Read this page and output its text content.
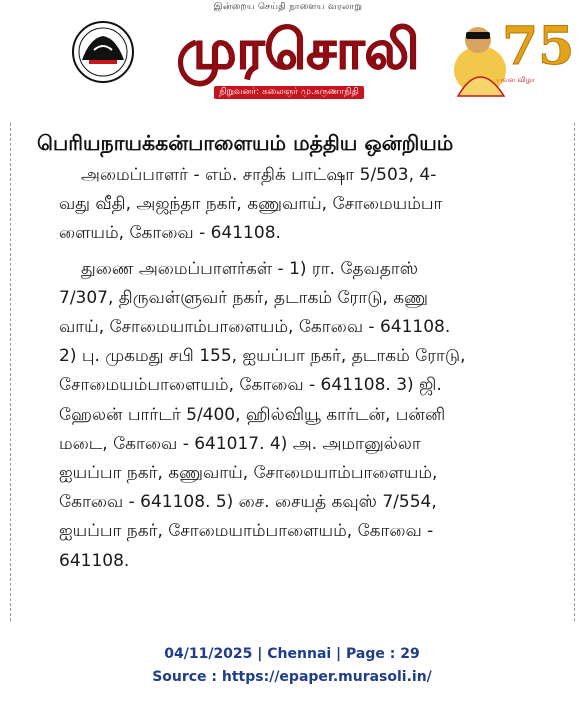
இன்றைய செய்தி நாளைய வரலாறு
முரசொலி
நிறுவனர்: கலைஞர் மு.கருணாநிதி
75
பவள விழா
பெரியநாயக்கன்பாளையம் மத்திய ஒன்றியம்
அமைப்பாளர் - எம். சாதிக் பாட்ஷா 5/503, 4-
வது வீதி, அஜந்தா நகர், கணுவாய், சோமையம்பா
ளையம், கோவை - 641108.
துணை அமைப்பாளர்கள் - 1) ரா. தேவதாஸ்
7/307, திருவள்ளுவர் நகர், தடாகம் ரோடு, கணு
வாய், சோமையாம்பாளையம், கோவை - 641108.
2) பு. முகமது சபி 155, ஐயப்பா நகர், தடாகம் ரோடு,
சோமையம்பாளையம், கோவை - 641108. 3) ஜி.
ஹேலன் பார்டர் 5/400, ஹில்வியூ கார்டன், பன்னி
மடை, கோவை - 641017. 4) அ. அமானுல்லா
ஐயப்பா நகர், கணுவாய், சோமையாம்பாளையம்,
கோவை - 641108. 5) சை. சையத் கவுஸ் 7/554,
ஐயப்பா நகர், சோமையாம்பாளையம், கோவை -
641108.
04/11/2025 | Chennai | Page : 29
Source : https://epaper.murasoli.in/
